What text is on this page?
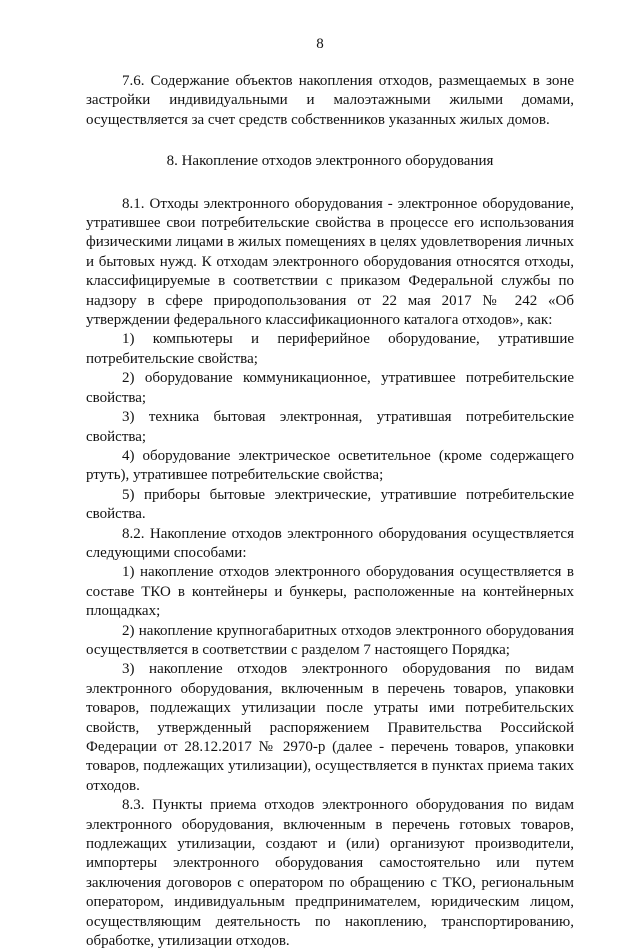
8

7.6. Содержание объектов накопления отходов, размещаемых в зоне застройки индивидуальными и малоэтажными жилыми домами, осуществляется за счет средств собственников указанных жилых домов.

8. Накопление отходов электронного оборудования

8.1. Отходы электронного оборудования - электронное оборудование, утратившее свои потребительские свойства в процессе его использования физическими лицами в жилых помещениях в целях удовлетворения личных и бытовых нужд. К отходам электронного оборудования относятся отходы, классифицируемые в соответствии с приказом Федеральной службы по надзору в сфере природопользования от 22 мая 2017 № 242 «Об утверждении федерального классификационного каталога отходов», как:

1) компьютеры и периферийное оборудование, утратившие потребительские свойства;

2) оборудование коммуникационное, утратившее потребительские свойства;

3) техника бытовая электронная, утратившая потребительские свойства;

4) оборудование электрическое осветительное (кроме содержащего ртуть), утратившее потребительские свойства;

5) приборы бытовые электрические, утратившие потребительские свойства.

8.2. Накопление отходов электронного оборудования осуществляется следующими способами:

1) накопление отходов электронного оборудования осуществляется в составе ТКО в контейнеры и бункеры, расположенные на контейнерных площадках;

2) накопление крупногабаритных отходов электронного оборудования осуществляется в соответствии с разделом 7 настоящего Порядка;

3) накопление отходов электронного оборудования по видам электронного оборудования, включенным в перечень товаров, упаковки товаров, подлежащих утилизации после утраты ими потребительских свойств, утвержденный распоряжением Правительства Российской Федерации от 28.12.2017 № 2970-р (далее - перечень товаров, упаковки товаров, подлежащих утилизации), осуществляется в пунктах приема таких отходов.

8.3. Пункты приема отходов электронного оборудования по видам электронного оборудования, включенным в перечень готовых товаров, подлежащих утилизации, создают и (или) организуют производители, импортеры электронного оборудования самостоятельно или путем заключения договоров с оператором по обращению с ТКО, региональным оператором, индивидуальным предпринимателем, юридическим лицом, осуществляющим деятельность по накоплению, транспортированию, обработке, утилизации отходов.
